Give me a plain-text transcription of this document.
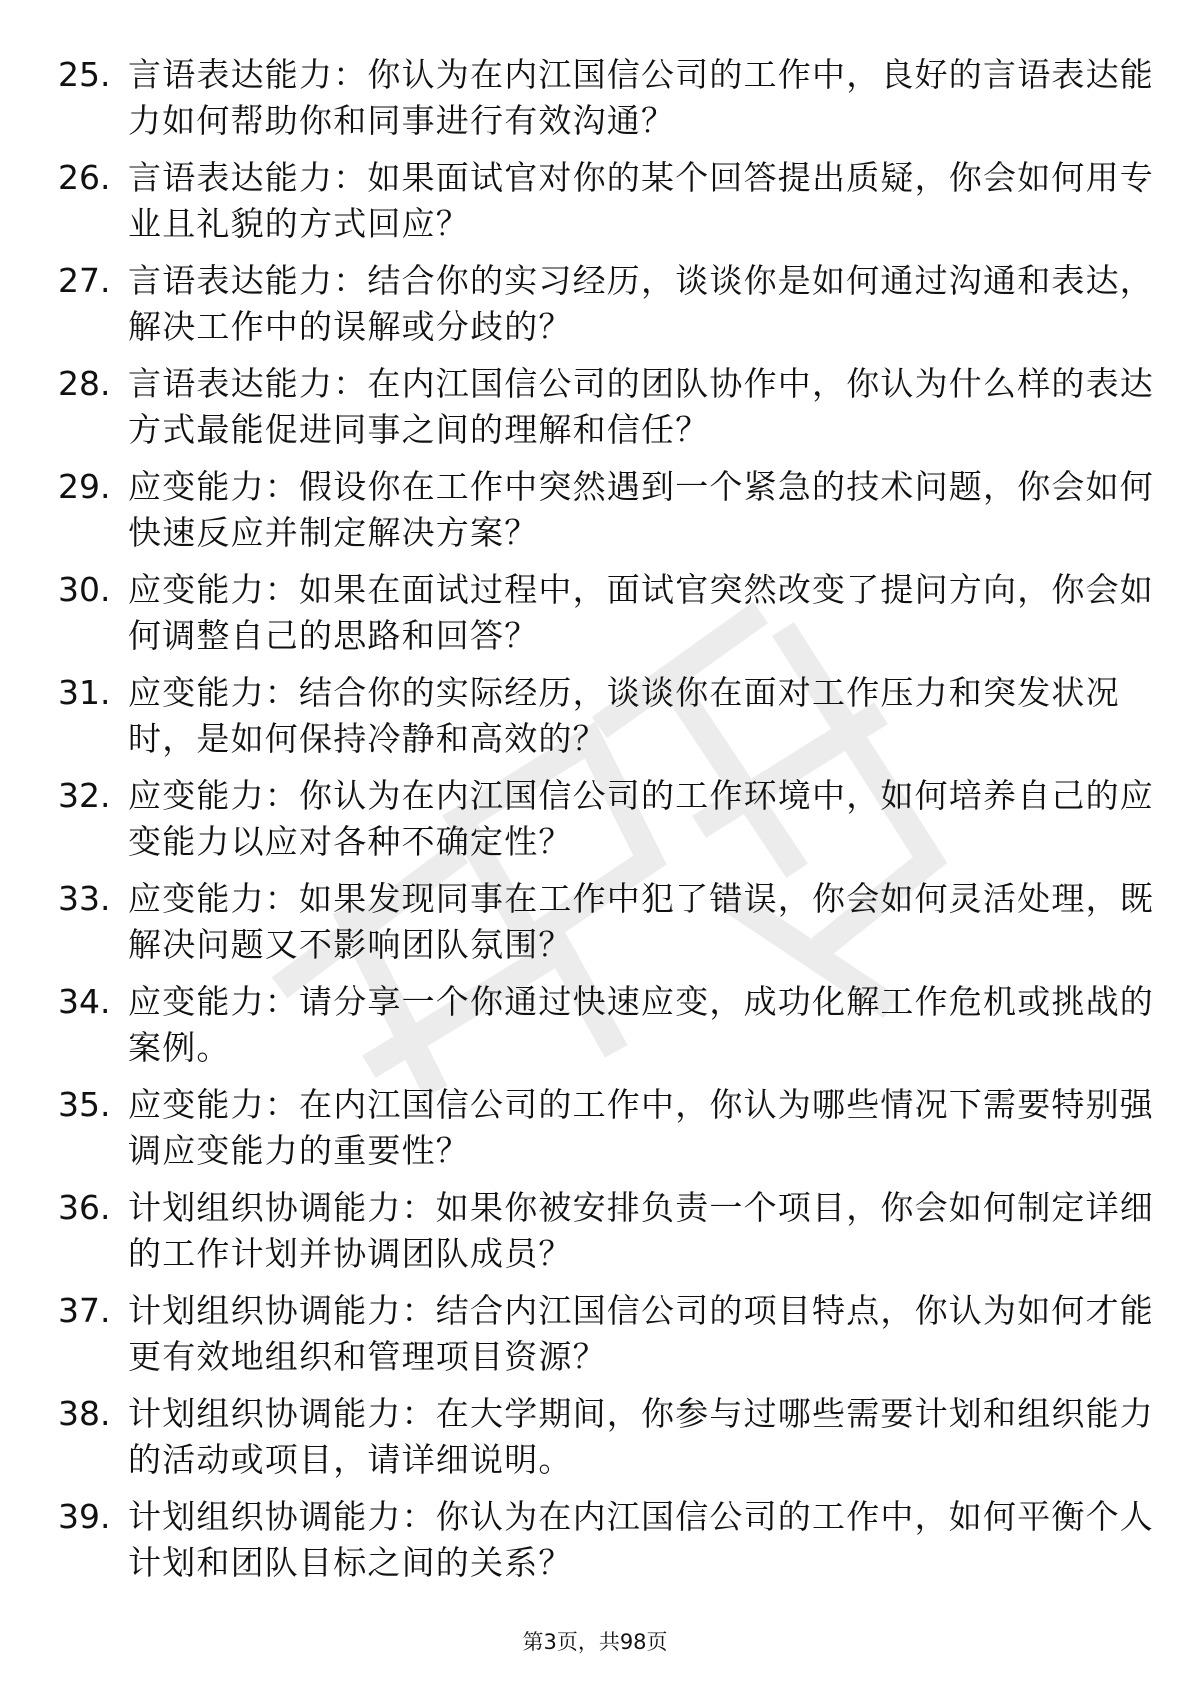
25. 言语表达能力：你认为在内江国信公司的工作中，良好的言语表达能力如何帮助你和同事进行有效沟通？
26. 言语表达能力：如果面试官对你的某个回答提出质疑，你会如何用专业且礼貌的方式回应？
27. 言语表达能力：结合你的实习经历，谈谈你是如何通过沟通和表达，解决工作中的误解或分歧的？
28. 言语表达能力：在内江国信公司的团队协作中，你认为什么样的表达方式最能促进同事之间的理解和信任？
29. 应变能力：假设你在工作中突然遇到一个紧急的技术问题，你会如何快速反应并制定解决方案？
30. 应变能力：如果在面试过程中，面试官突然改变了提问方向，你会如何调整自己的思路和回答？
31. 应变能力：结合你的实际经历，谈谈你在面对工作压力和突发状况时，是如何保持冷静和高效的？
32. 应变能力：你认为在内江国信公司的工作环境中，如何培养自己的应变能力以应对各种不确定性？
33. 应变能力：如果发现同事在工作中犯了错误，你会如何灵活处理，既解决问题又不影响团队氛围？
34. 应变能力：请分享一个你通过快速应变，成功化解工作危机或挑战的案例。
35. 应变能力：在内江国信公司的工作中，你认为哪些情况下需要特别强调应变能力的重要性？
36. 计划组织协调能力：如果你被安排负责一个项目，你会如何制定详细的工作计划并协调团队成员？
37. 计划组织协调能力：结合内江国信公司的项目特点，你认为如何才能更有效地组织和管理项目资源？
38. 计划组织协调能力：在大学期间，你参与过哪些需要计划和组织能力的活动或项目，请详细说明。
39. 计划组织协调能力：你认为在内江国信公司的工作中，如何平衡个人计划和团队目标之间的关系？
第3页，共98页
